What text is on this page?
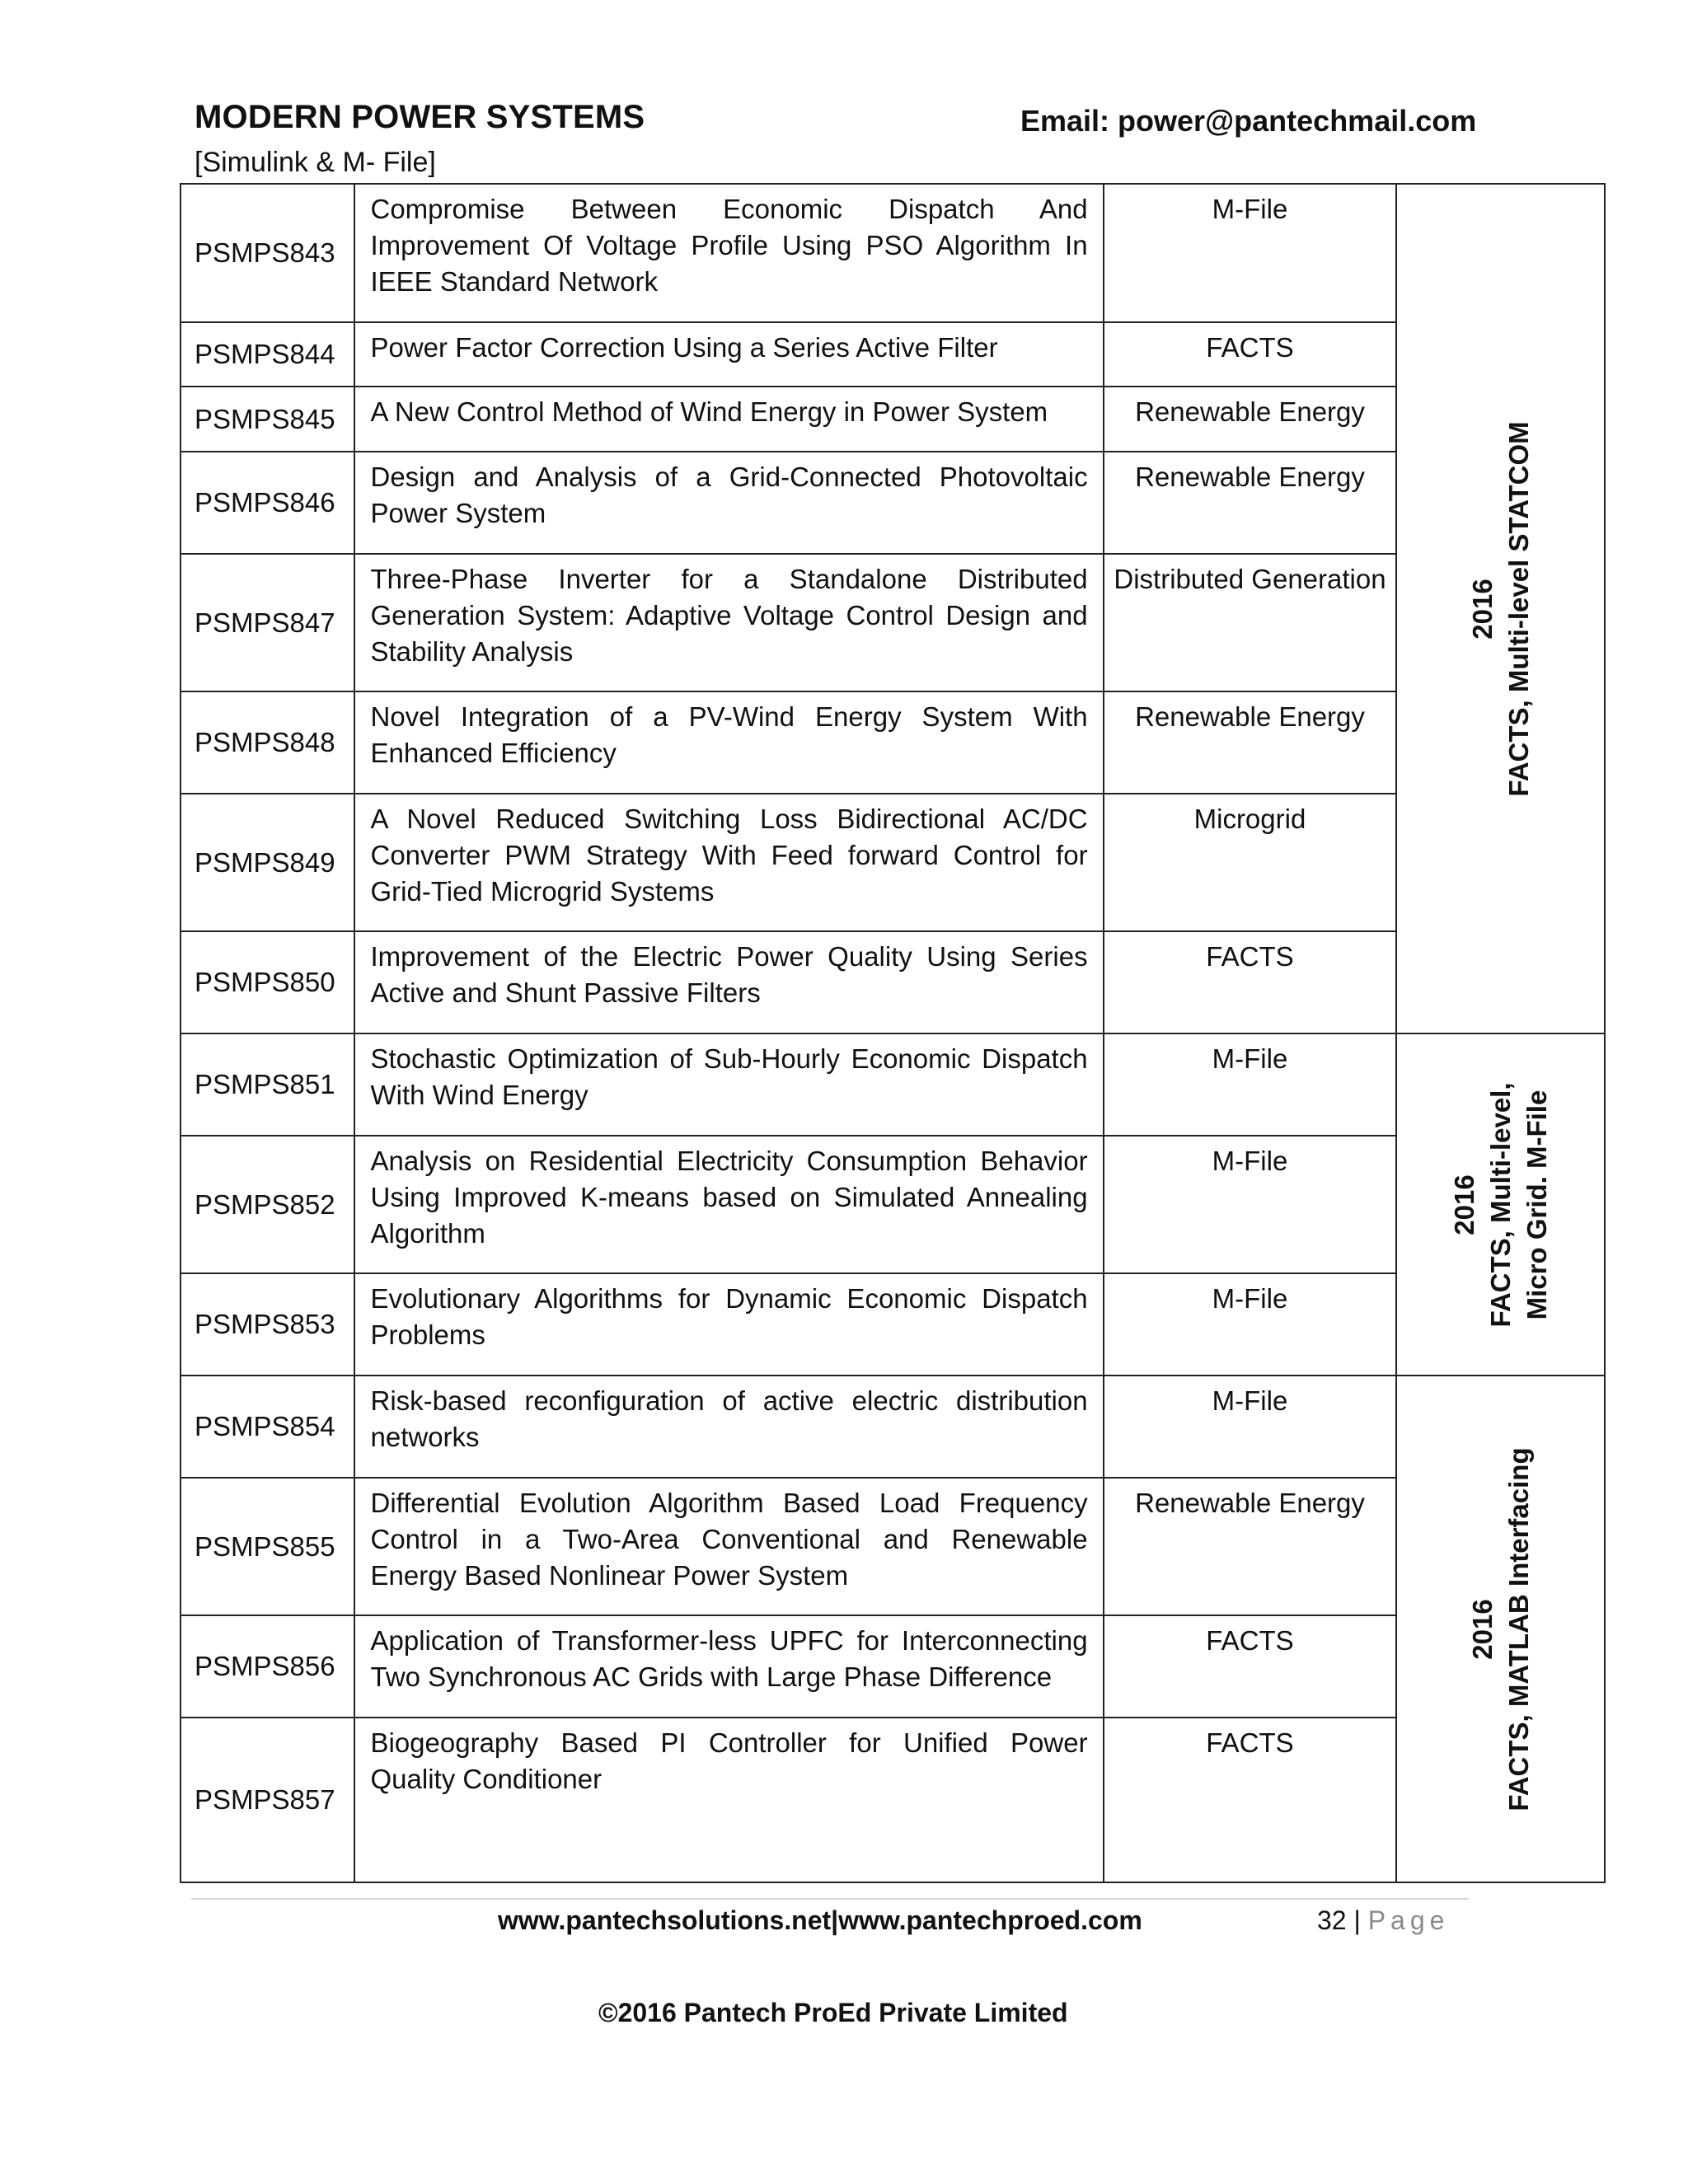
MODERN POWER SYSTEMS	Email: power@pantechmail.com
[Simulink & M- File]
PSMPS843	Compromise Between Economic Dispatch And Improvement Of Voltage Profile Using PSO Algorithm In IEEE Standard Network	M-File	2016 FACTS, Multi-level STATCOM

PSMPS844	Power Factor Correction Using a Series Active Filter	FACTS	
PSMPS845	A New Control Method of Wind Energy in Power System	Renewable Energy	
PSMPS846	Design and Analysis of a Grid-Connected Photovoltaic Power System	Renewable Energy	
PSMPS847	Three-Phase Inverter for a Standalone Distributed Generation System: Adaptive Voltage Control Design and Stability Analysis	Distributed Generation	
PSMPS848	Novel Integration of a PV-Wind Energy System With Enhanced Efficiency	Renewable Energy	
PSMPS849	A Novel Reduced Switching Loss Bidirectional AC/DC Converter PWM Strategy With Feed forward Control for Grid-Tied Microgrid Systems	Microgrid	
PSMPS850	Improvement of the Electric Power Quality Using Series Active and Shunt Passive Filters	FACTS	
PSMPS851	Stochastic Optimization of Sub-Hourly Economic Dispatch With Wind Energy	M-File	2016 FACTS, Multi-level, Micro Grid. M-File

PSMPS852	Analysis on Residential Electricity Consumption Behavior Using Improved K-means based on Simulated Annealing Algorithm	M-File	
PSMPS853	Evolutionary Algorithms for Dynamic Economic Dispatch Problems	M-File	
PSMPS854	Risk-based reconfiguration of active electric distribution networks	M-File	2016 FACTS, MATLAB Interfacing

PSMPS855	Differential Evolution Algorithm Based Load Frequency Control in a Two-Area Conventional and Renewable Energy Based Nonlinear Power System	Renewable Energy	
PSMPS856	Application of Transformer-less UPFC for Interconnecting Two Synchronous AC Grids with Large Phase Difference	FACTS	
PSMPS857	Biogeography Based PI Controller for Unified Power Quality Conditioner	FACTS	
www.pantechsolutions.net|www.pantechproed.com	32 | Page
©2016 Pantech ProEd Private Limited
